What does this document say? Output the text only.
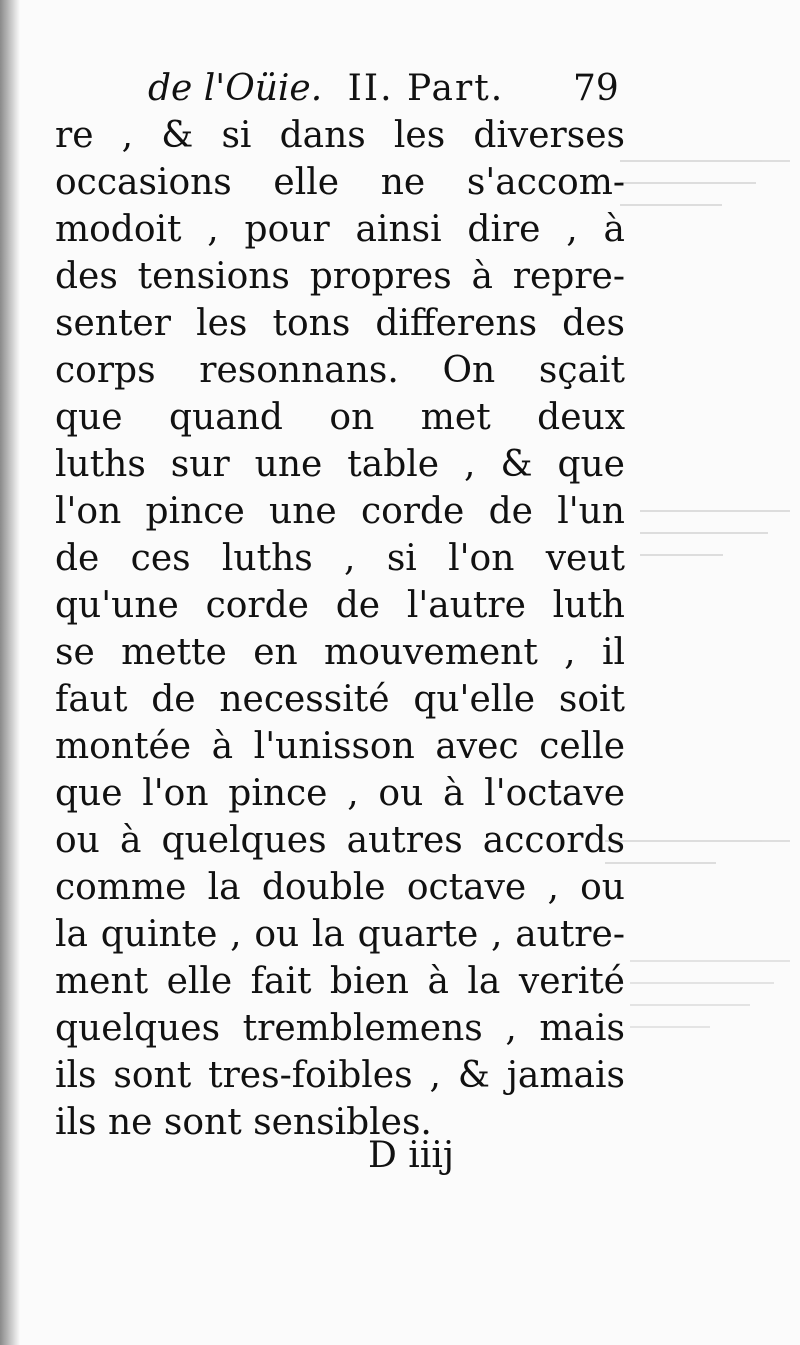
de l'Oüie. II. Part. 79
re , & si dans les diverses
occasions elle ne s'accom-
modoit , pour ainsi dire , à
des tensions propres à repre-
senter les tons differens des
corps resonnans. On sçait
que quand on met deux
luths sur une table , & que
l'on pince une corde de l'un
de ces luths , si l'on veut
qu'une corde de l'autre luth
se mette en mouvement , il
faut de necessité qu'elle soit
montée à l'unisson avec celle
que l'on pince , ou à l'octave
ou à quelques autres accords
comme la double octave , ou
la quinte , ou la quarte , autre-
ment elle fait bien à la verité
quelques tremblemens , mais
ils sont tres-foibles , & jamais
ils ne sont sensibles.
D iiij
